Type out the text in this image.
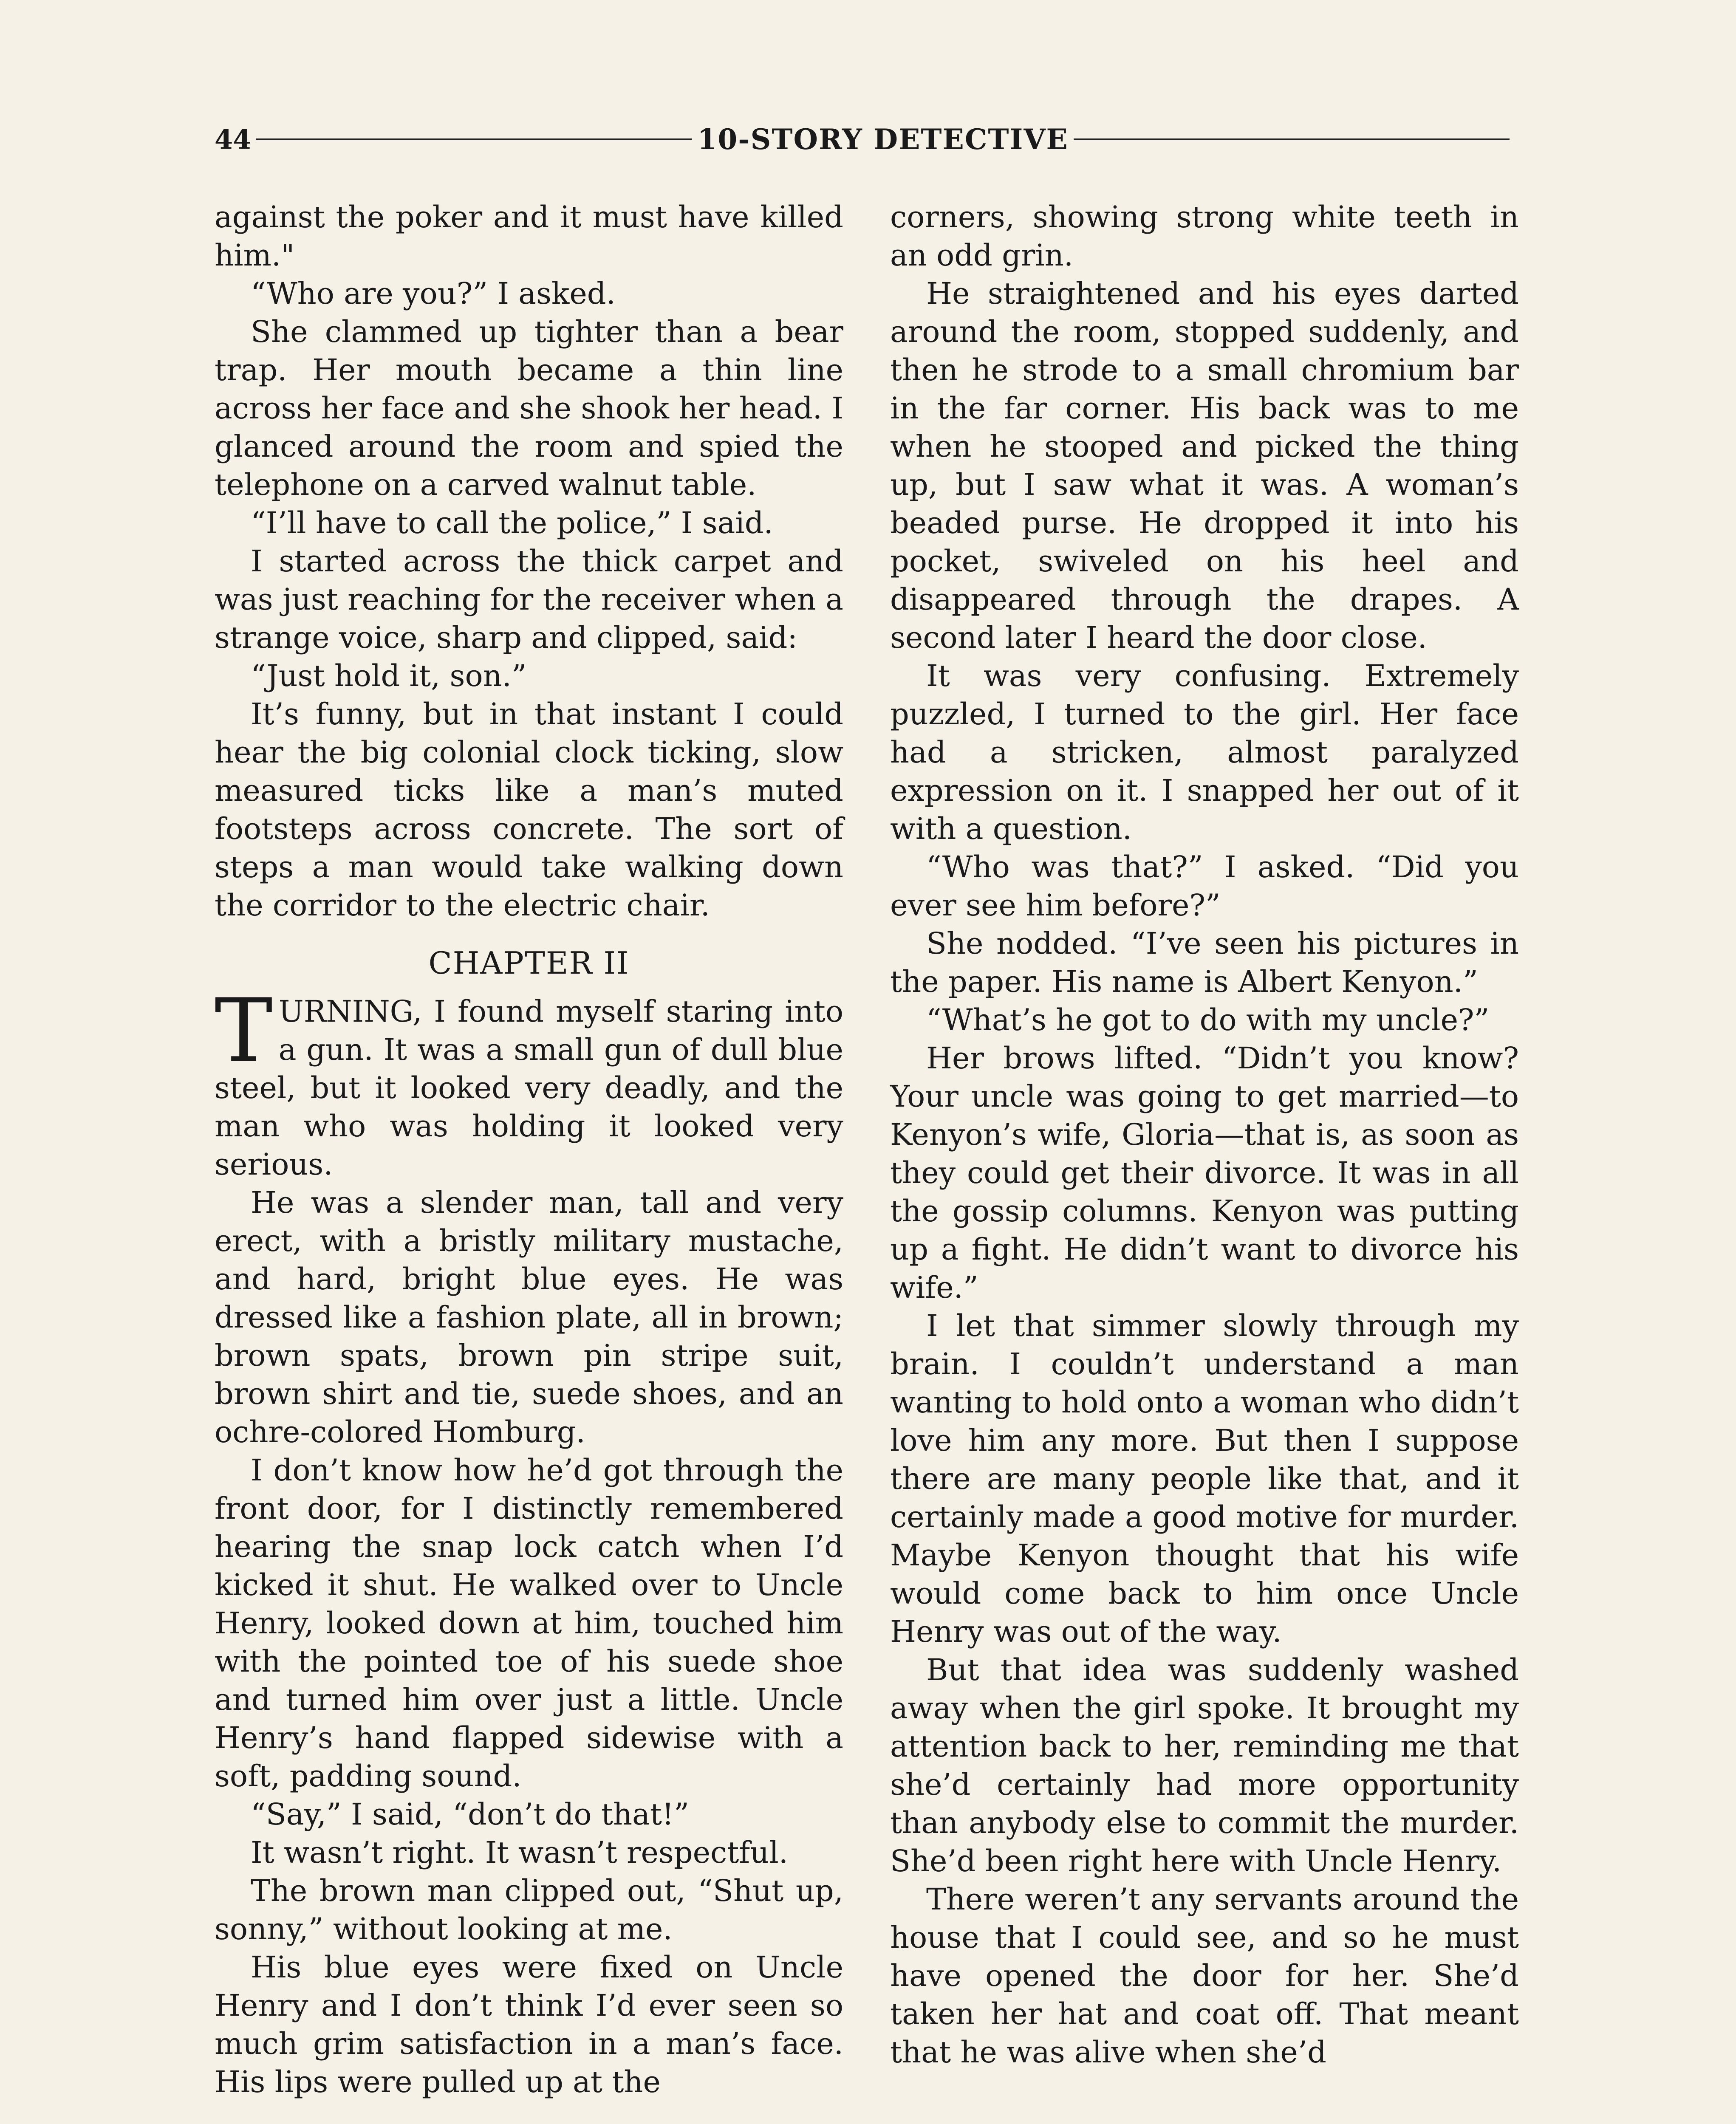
44	10-STORY DETECTIVE

against the poker and it must have killed him."

“Who are you?” I asked.

She clammed up tighter than a bear trap. Her mouth became a thin line across her face and she shook her head. I glanced around the room and spied the telephone on a carved walnut table.

“I’ll have to call the police,” I said.

I started across the thick carpet and was just reaching for the receiver when a strange voice, sharp and clipped, said:

“Just hold it, son.”

It’s funny, but in that instant I could hear the big colonial clock ticking, slow measured ticks like a man’s muted footsteps across concrete. The sort of steps a man would take walking down the corridor to the electric chair.

CHAPTER II

TURNING, I found myself staring into a gun. It was a small gun of dull blue steel, but it looked very deadly, and the man who was holding it looked very serious.

He was a slender man, tall and very erect, with a bristly military mustache, and hard, bright blue eyes. He was dressed like a fashion plate, all in brown; brown spats, brown pin stripe suit, brown shirt and tie, suede shoes, and an ochre-colored Homburg.

I don’t know how he’d got through the front door, for I distinctly remembered hearing the snap lock catch when I’d kicked it shut. He walked over to Uncle Henry, looked down at him, touched him with the pointed toe of his suede shoe and turned him over just a little. Uncle Henry’s hand flapped sidewise with a soft, padding sound.

“Say,” I said, “don’t do that!”

It wasn’t right. It wasn’t respectful.

The brown man clipped out, “Shut up, sonny,” without looking at me.

His blue eyes were fixed on Uncle Henry and I don’t think I’d ever seen so much grim satisfaction in a man’s face. His lips were pulled up at the

corners, showing strong white teeth in an odd grin.

He straightened and his eyes darted around the room, stopped suddenly, and then he strode to a small chromium bar in the far corner. His back was to me when he stooped and picked the thing up, but I saw what it was. A woman’s beaded purse. He dropped it into his pocket, swiveled on his heel and disappeared through the drapes. A second later I heard the door close.

It was very confusing. Extremely puzzled, I turned to the girl. Her face had a stricken, almost paralyzed expression on it. I snapped her out of it with a question.

“Who was that?” I asked. “Did you ever see him before?”

She nodded. “I’ve seen his pictures in the paper. His name is Albert Kenyon.”

“What’s he got to do with my uncle?”

Her brows lifted. “Didn’t you know? Your uncle was going to get married—to Kenyon’s wife, Gloria—that is, as soon as they could get their divorce. It was in all the gossip columns. Kenyon was putting up a fight. He didn’t want to divorce his wife.”

I let that simmer slowly through my brain. I couldn’t understand a man wanting to hold onto a woman who didn’t love him any more. But then I suppose there are many people like that, and it certainly made a good motive for murder. Maybe Kenyon thought that his wife would come back to him once Uncle Henry was out of the way.

But that idea was suddenly washed away when the girl spoke. It brought my attention back to her, reminding me that she’d certainly had more opportunity than anybody else to commit the murder. She’d been right here with Uncle Henry.

There weren’t any servants around the house that I could see, and so he must have opened the door for her. She’d taken her hat and coat off. That meant that he was alive when she’d
